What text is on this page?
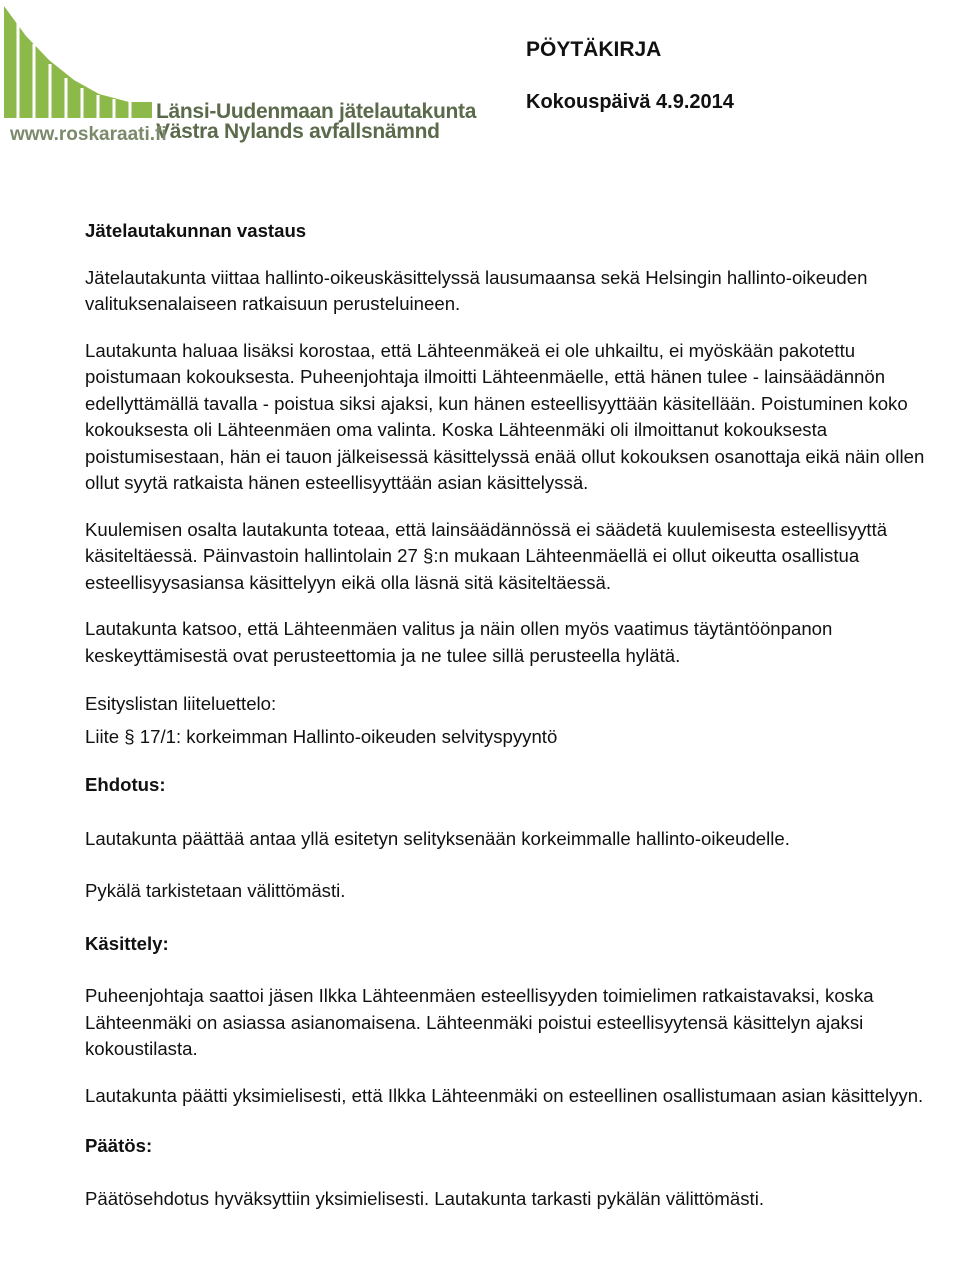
Länsi-Uudenmaan jätelautakunta
Västra Nylands avfallsnämnd
www.roskaraati.fi
PÖYTÄKIRJA
Kokouspäivä 4.9.2014

Jätelautakunnan vastaus

Jätelautakunta viittaa hallinto-oikeuskäsittelyssä lausumaansa sekä Helsingin hallinto-oikeuden valituksenalaiseen ratkaisuun perusteluineen.

Lautakunta haluaa lisäksi korostaa, että Lähteenmäkeä ei ole uhkailtu, ei myöskään pakotettu poistumaan kokouksesta. Puheenjohtaja ilmoitti Lähteenmäelle, että hänen tulee - lainsäädännön edellyttämällä tavalla - poistua siksi ajaksi, kun hänen esteellisyyttään käsitellään. Poistuminen koko kokouksesta oli Lähteenmäen oma valinta. Koska Lähteenmäki oli ilmoittanut kokouksesta poistumisestaan, hän ei tauon jälkeisessä käsittelyssä enää ollut kokouksen osanottaja eikä näin ollen ollut syytä ratkaista hänen esteellisyyttään asian käsittelyssä.

Kuulemisen osalta lautakunta toteaa, että lainsäädännössä ei säädetä kuulemisesta esteellisyyttä käsiteltäessä. Päinvastoin hallintolain 27 §:n mukaan Lähteenmäellä ei ollut oikeutta osallistua esteellisyysasiansa käsittelyyn eikä olla läsnä sitä käsiteltäessä.

Lautakunta katsoo, että Lähteenmäen valitus ja näin ollen myös vaatimus täytäntöönpanon keskeyttämisestä ovat perusteettomia ja ne tulee sillä perusteella hylätä.

Esityslistan liiteluettelo:

Liite § 17/1: korkeimman Hallinto-oikeuden selvityspyyntö

Ehdotus:

Lautakunta päättää antaa yllä esitetyn selityksenään korkeimmalle hallinto-oikeudelle.

Pykälä tarkistetaan välittömästi.

Käsittely:

Puheenjohtaja saattoi jäsen Ilkka Lähteenmäen esteellisyyden toimielimen ratkaistavaksi, koska Lähteenmäki on asiassa asianomaisena. Lähteenmäki poistui esteellisyytensä käsittelyn ajaksi kokoustilasta.

Lautakunta päätti yksimielisesti, että Ilkka Lähteenmäki on esteellinen osallistumaan asian käsittelyyn.

Päätös:

Päätösehdotus hyväksyttiin yksimielisesti. Lautakunta tarkasti pykälän välittömästi.
